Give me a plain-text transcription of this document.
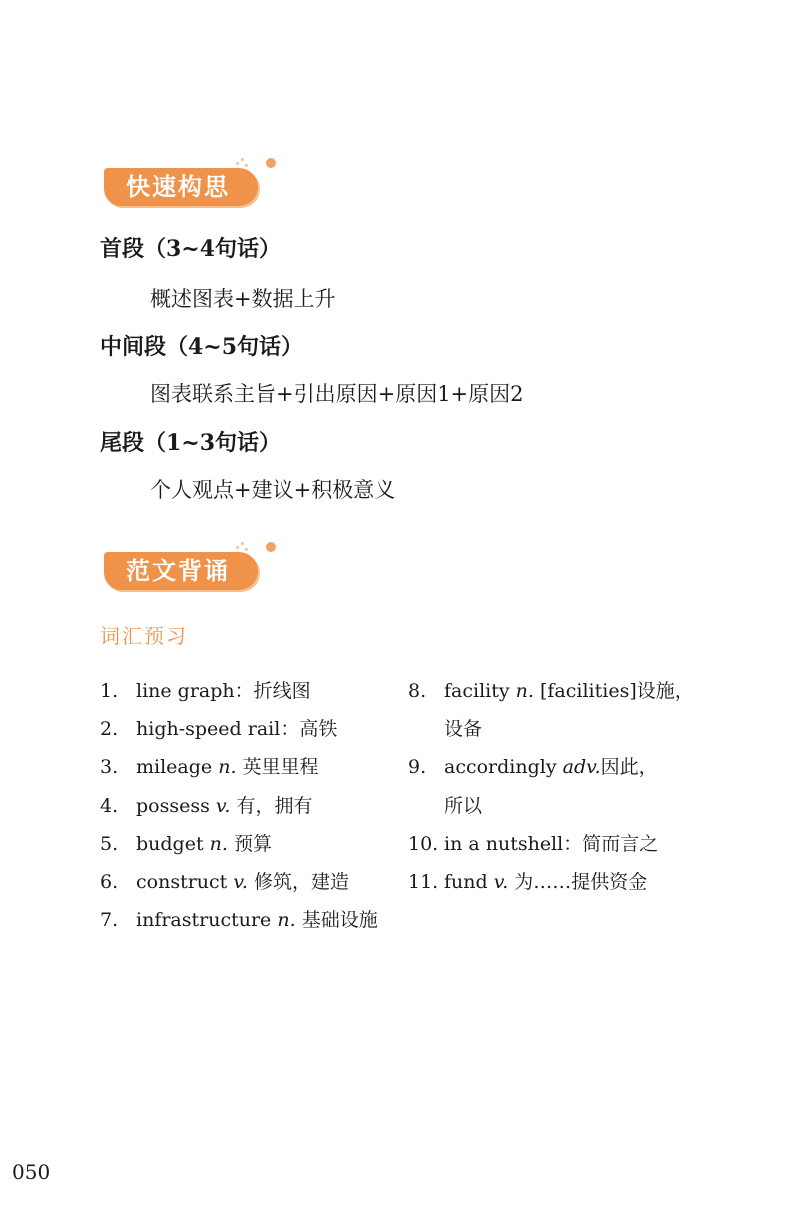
快速构思
首段（3~4句话）
概述图表+数据上升
中间段（4~5句话）
图表联系主旨+引出原因+原因1+原因2
尾段（1~3句话）
个人观点+建议+积极意义
范文背诵
词汇预习
1. line graph：折线图
2. high-speed rail：高铁
3. mileage n. 英里里程
4. possess v. 有，拥有
5. budget n. 预算
6. construct v. 修筑，建造
7. infrastructure n. 基础设施
8. facility n. [facilities]设施，
设备
9. accordingly adv.因此，
所以
10. in a nutshell：简而言之
11. fund v. 为……提供资金
050
